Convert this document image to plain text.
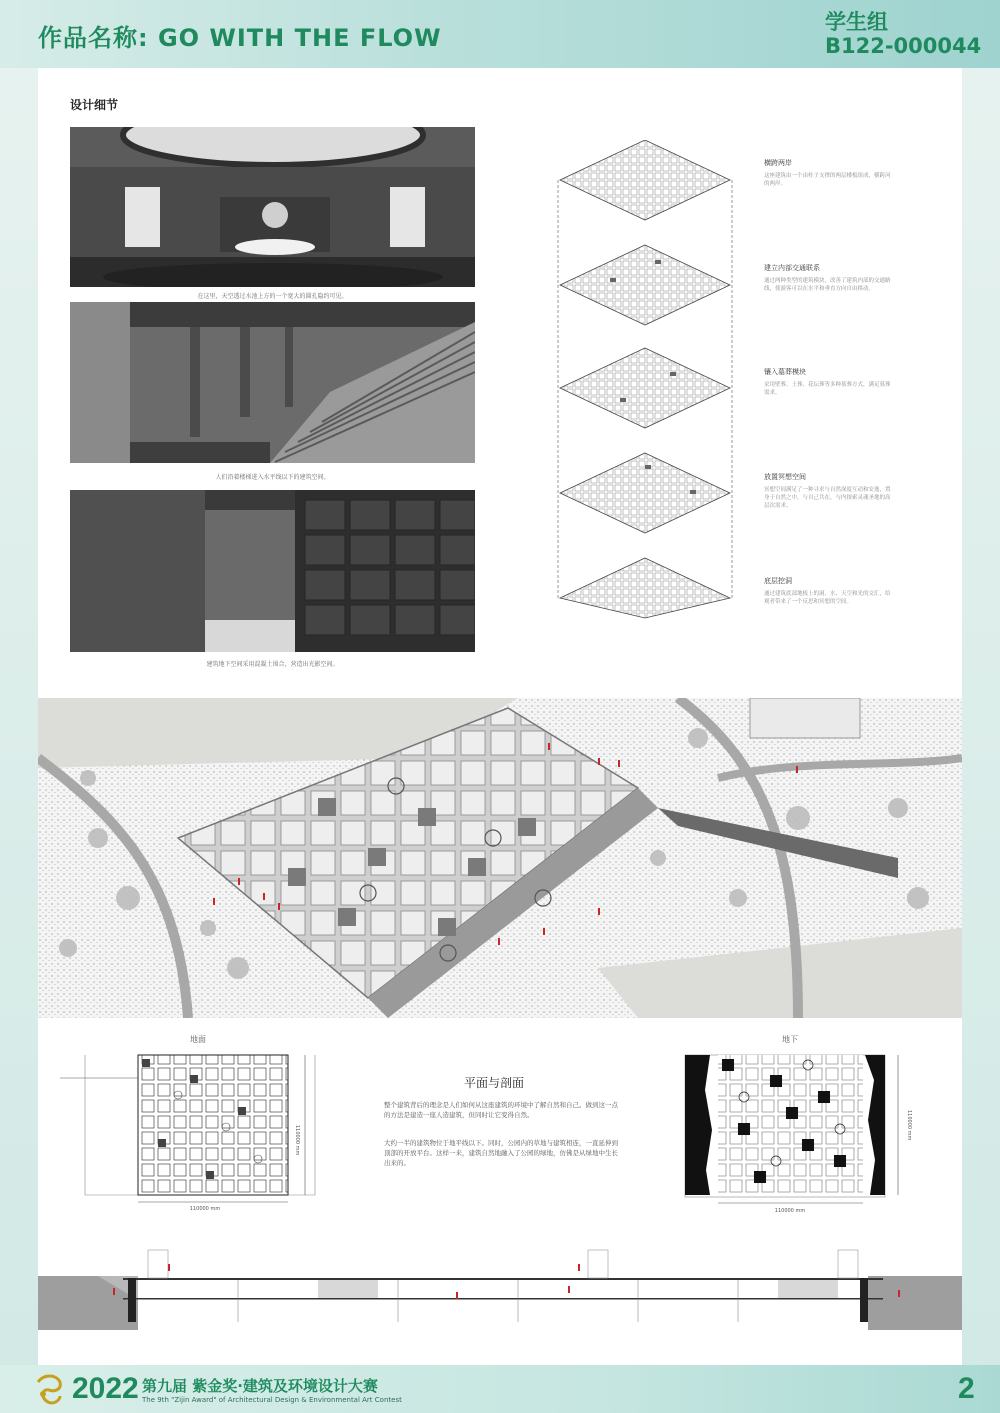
作品名称: GO WITH THE FLOW
学生组
B122-000044
设计细节
在这里，天空透过水池上方的一个宽大的圆孔隐约可见。
人们沿着楼梯进入水平线以下的建筑空间。
建筑地下空间采用混凝土围合，营造出光影空间。
横跨两岸
这座建筑由一个由柱子支撑的两层楼板组成，横跨河的两岸。
建立内部交通联系
通过两种类型的建筑模块，改善了建筑内部的交通路线，使游客可以在水平和垂直方向自由移动。
镶入墓葬模块
采用壁葬、土葬、花坛葬等多种墓葬方式，满足墓葬需求。
放置冥想空间
冥想空间满足了一种寻求与自然深度互动和安逸，置身于自然之中，与自己共在，与内探索灵魂圣地的高层次需求。
底层挖洞
通过建筑底部地板上的洞，水、天空和光的交汇，给观者带来了一个反思和冥想的空间。
地面
110000 mm
110000 mm
平面与剖面
整个建筑背后的理念是人们如何从这座建筑的环境中了解自然和自己。做到这一点的方法是建造一座人造建筑，但同时让它变得自然。
大约一半的建筑物位于地平线以下。同时，公园内的草地与建筑相连，一直延伸到顶部的开放平台。这样一来，建筑自然地融入了公园的绿地，仿佛是从绿地中生长出来的。
地下
110000 mm
110000 mm
2022 第九届 紫金奖·建筑及环境设计大赛
The 9th "Zijin Award" of Architectural Design & Environmental Art Contest	2
